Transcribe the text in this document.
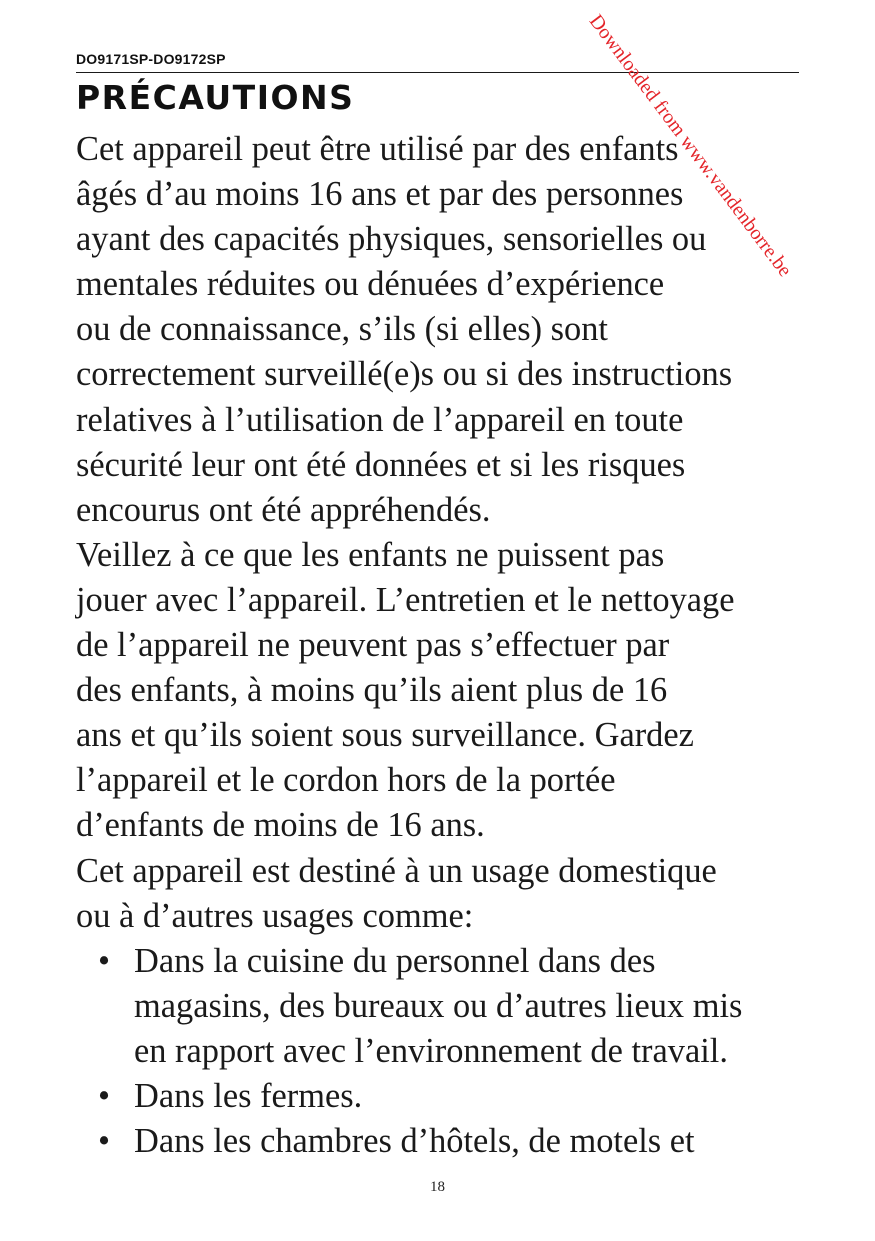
DO9171SP-DO9172SP	Downloaded from www.vandenborre.be
PRÉCAUTIONS
Cet appareil peut être utilisé par des enfants
âgés d’au moins 16 ans et par des personnes
ayant des capacités physiques, sensorielles ou
mentales réduites ou dénuées d’expérience
ou de connaissance, s’ils (si elles) sont
correctement surveillé(e)s ou si des instructions
relatives à l’utilisation de l’appareil en toute
sécurité leur ont été données et si les risques
encourus ont été appréhendés.
Veillez à ce que les enfants ne puissent pas
jouer avec l’appareil. L’entretien et le nettoyage
de l’appareil ne peuvent pas s’effectuer par
des enfants, à moins qu’ils aient plus de 16
ans et qu’ils soient sous surveillance. Gardez
l’appareil et le cordon hors de la portée
d’enfants de moins de 16 ans.
Cet appareil est destiné à un usage domestique
ou à d’autres usages comme:
• Dans la cuisine du personnel dans des
magasins, des bureaux ou d’autres lieux mis
en rapport avec l’environnement de travail.
• Dans les fermes.
• Dans les chambres d’hôtels, de motels et
18
